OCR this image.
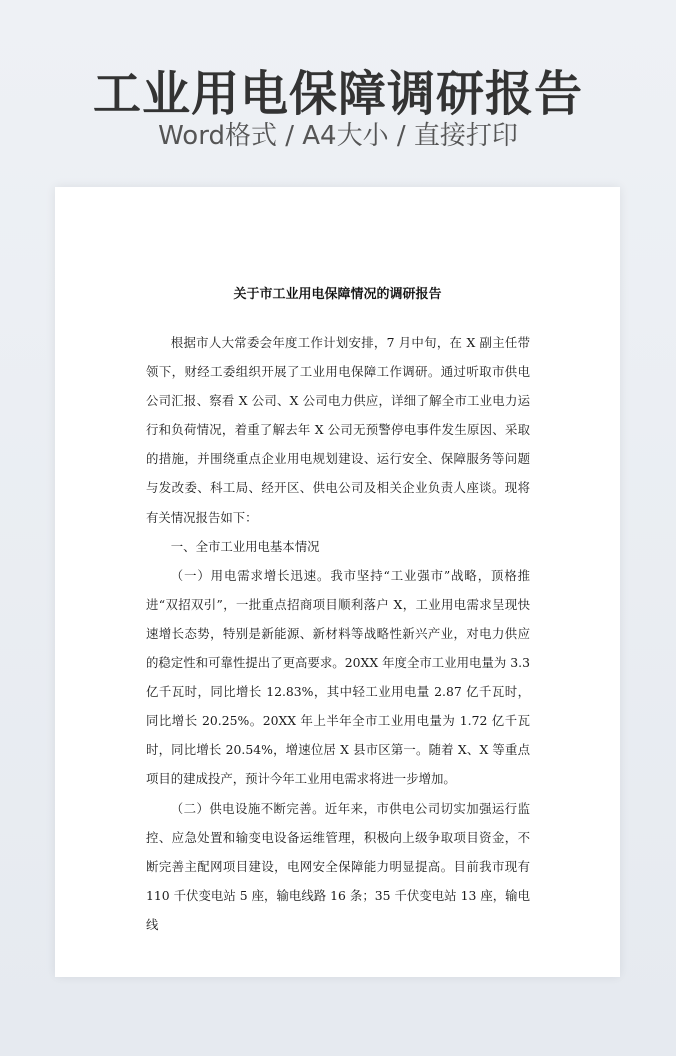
工业用电保障调研报告
Word格式 / A4大小 / 直接打印
关于市工业用电保障情况的调研报告

根据市人大常委会年度工作计划安排，7 月中旬，在 X 副主任带领下，财经工委组织开展了工业用电保障工作调研。通过听取市供电公司汇报、察看 X 公司、X 公司电力供应，详细了解全市工业电力运行和负荷情况，着重了解去年 X 公司无预警停电事件发生原因、采取的措施，并围绕重点企业用电规划建设、运行安全、保障服务等问题与发改委、科工局、经开区、供电公司及相关企业负责人座谈。现将有关情况报告如下：

一、全市工业用电基本情况

（一）用电需求增长迅速。我市坚持“工业强市”战略，顶格推进“双招双引”，一批重点招商项目顺利落户 X，工业用电需求呈现快速增长态势，特别是新能源、新材料等战略性新兴产业，对电力供应的稳定性和可靠性提出了更高要求。20XX 年度全市工业用电量为 3.3 亿千瓦时，同比增长 12.83%，其中轻工业用电量 2.87 亿千瓦时，同比增长 20.25%。20XX 年上半年全市工业用电量为 1.72 亿千瓦时，同比增长 20.54%，增速位居 X 县市区第一。随着 X、X 等重点项目的建成投产，预计今年工业用电需求将进一步增加。

（二）供电设施不断完善。近年来，市供电公司切实加强运行监控、应急处置和输变电设备运维管理，积极向上级争取项目资金，不断完善主配网项目建设，电网安全保障能力明显提高。目前我市现有 110 千伏变电站 5 座，输电线路 16 条；35 千伏变电站 13 座，输电线
